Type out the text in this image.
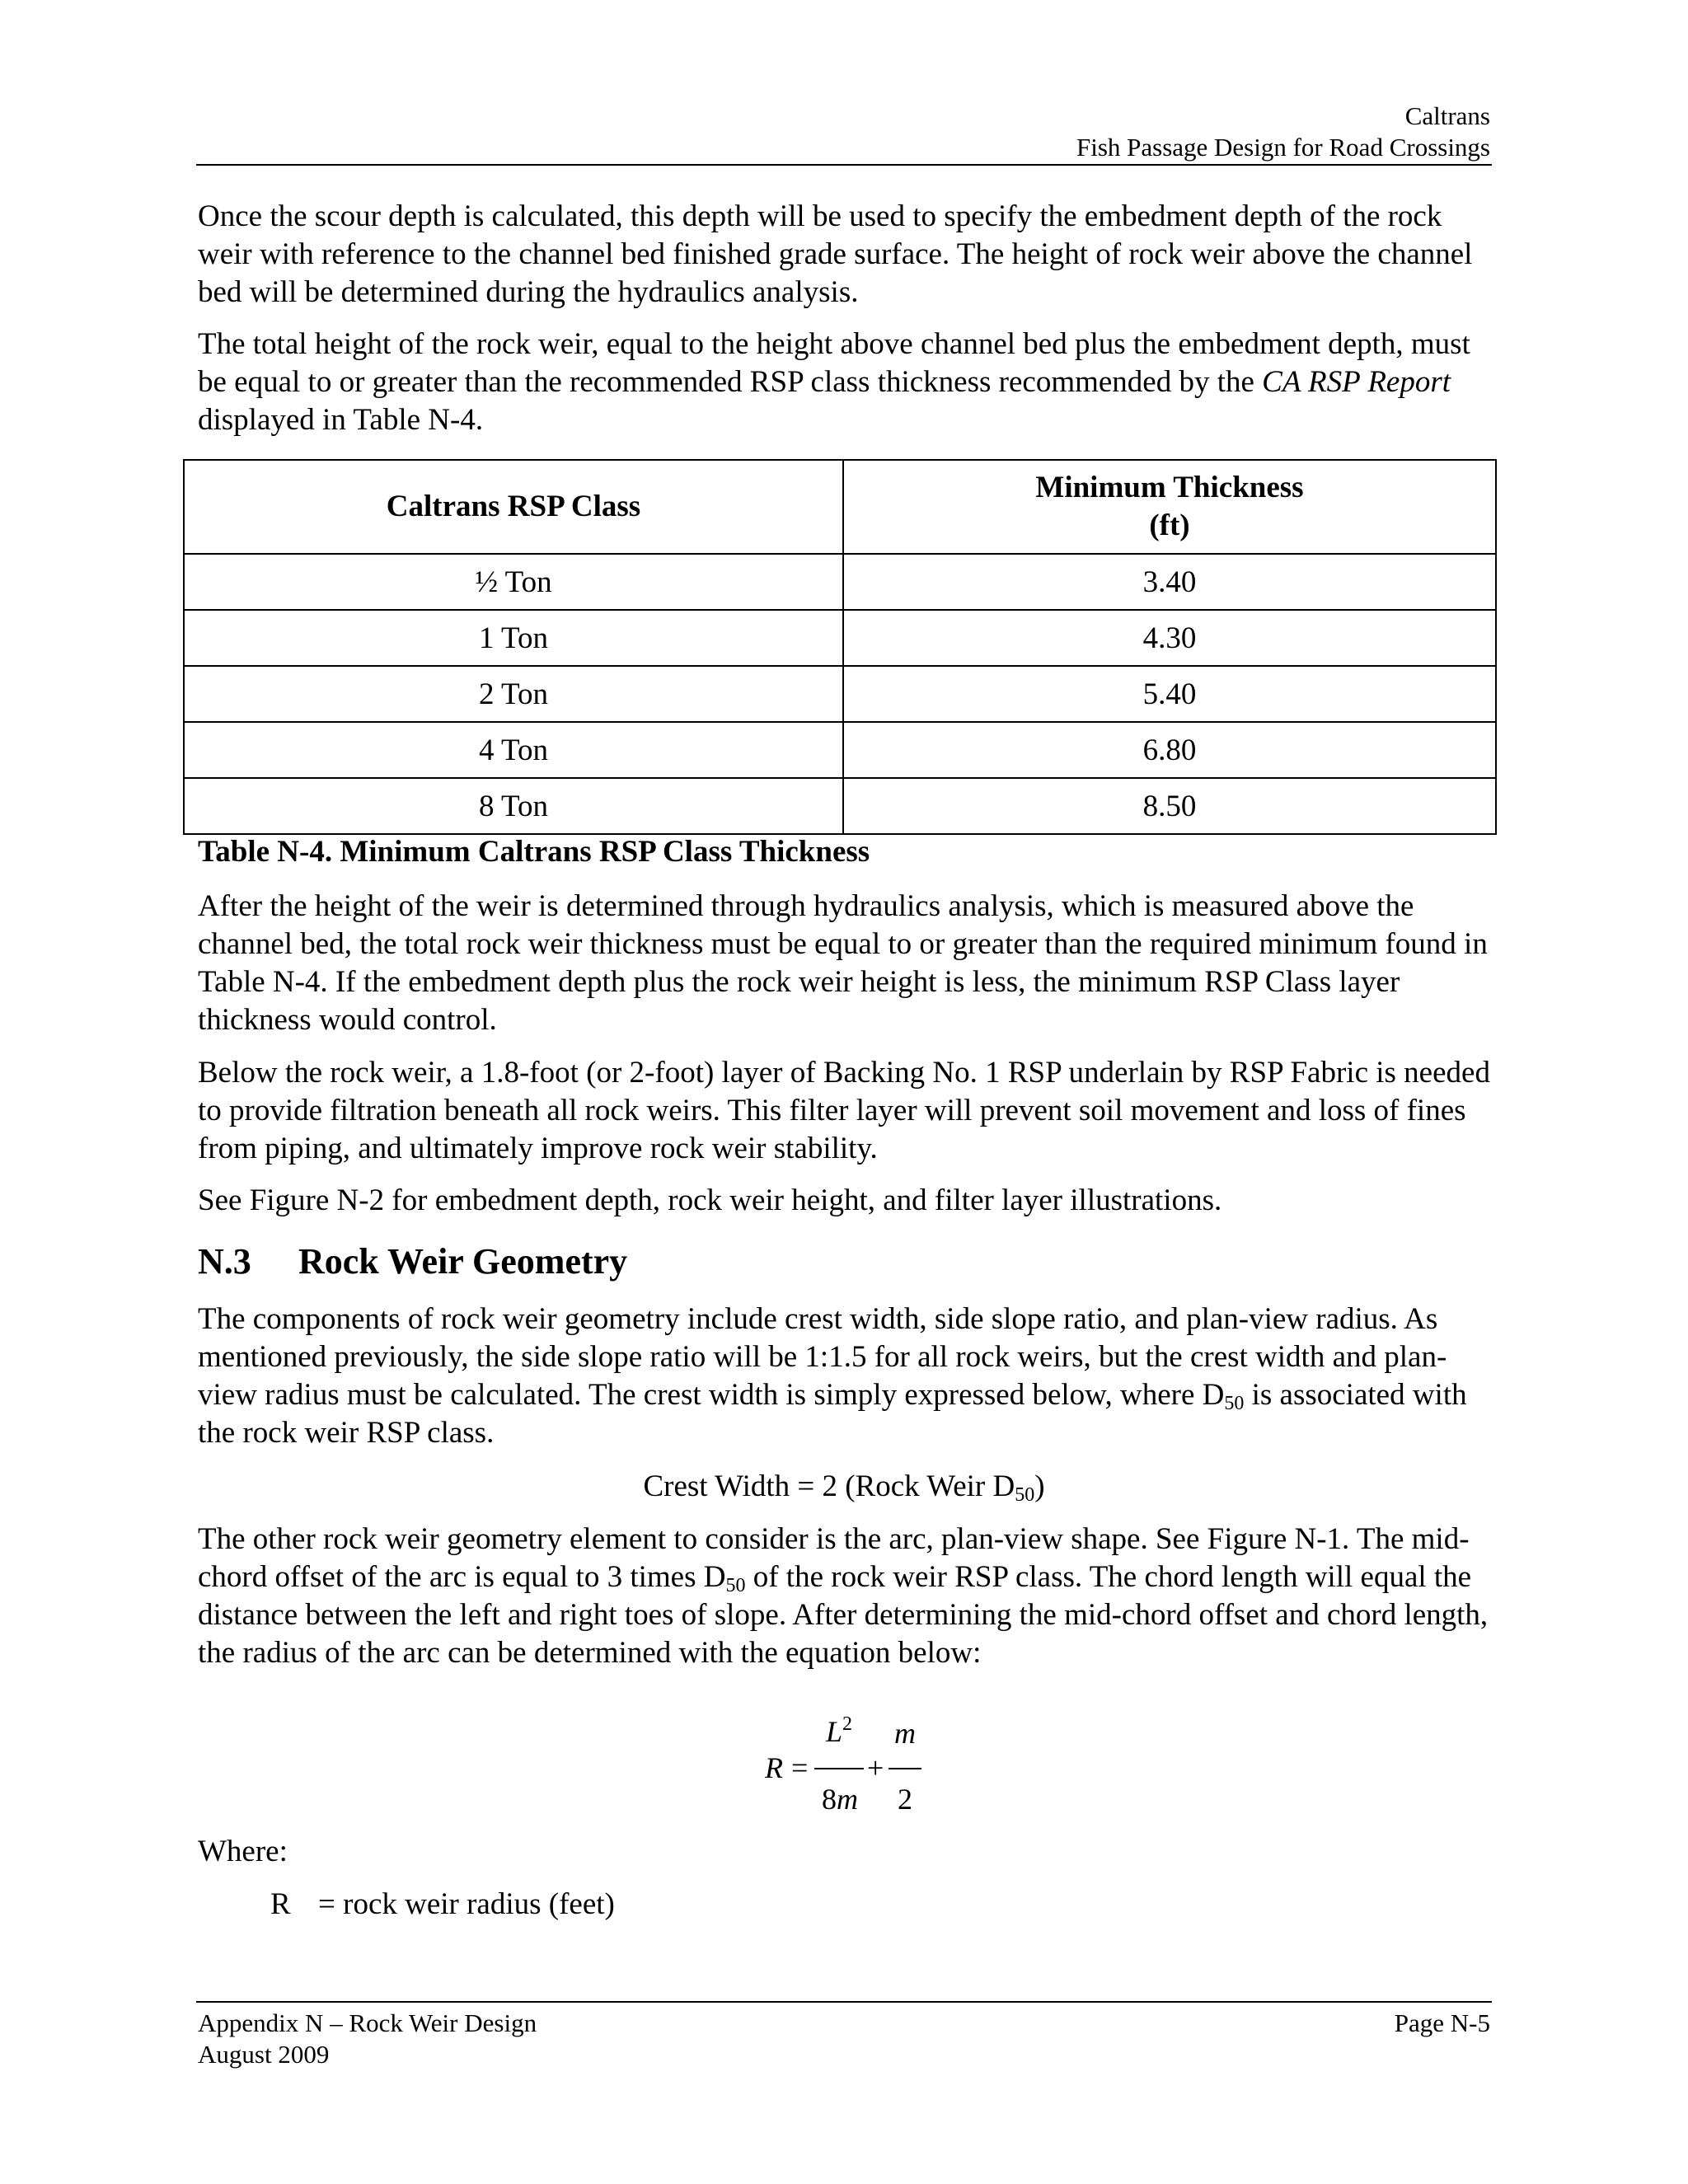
Caltrans
Fish Passage Design for Road Crossings

Once the scour depth is calculated, this depth will be used to specify the embedment depth of the rock weir with reference to the channel bed finished grade surface. The height of rock weir above the channel bed will be determined during the hydraulics analysis.

The total height of the rock weir, equal to the height above channel bed plus the embedment depth, must be equal to or greater than the recommended RSP class thickness recommended by the CA RSP Report displayed in Table N-4.

Caltrans RSP Class	Minimum Thickness
(ft)

½ Ton	3.40
1 Ton	4.30
2 Ton	5.40
4 Ton	6.80
8 Ton	8.50
Table N-4. Minimum Caltrans RSP Class Thickness

After the height of the weir is determined through hydraulics analysis, which is measured above the channel bed, the total rock weir thickness must be equal to or greater than the required minimum found in Table N-4. If the embedment depth plus the rock weir height is less, the minimum RSP Class layer thickness would control.

Below the rock weir, a 1.8-foot (or 2-foot) layer of Backing No. 1 RSP underlain by RSP Fabric is needed to provide filtration beneath all rock weirs. This filter layer will prevent soil movement and loss of fines from piping, and ultimately improve rock weir stability.

See Figure N-2 for embedment depth, rock weir height, and filter layer illustrations.

N.3 Rock Weir Geometry

The components of rock weir geometry include crest width, side slope ratio, and plan-view radius. As mentioned previously, the side slope ratio will be 1:1.5 for all rock weirs, but the crest width and plan-view radius must be calculated. The crest width is simply expressed below, where $D_{50}$ is associated with the rock weir RSP class.

Crest Width = 2 (Rock Weir $D_{50}$)

The other rock weir geometry element to consider is the arc, plan-view shape. See Figure N-1. The mid-chord offset of the arc is equal to 3 times $D_{50}$ of the rock weir RSP class. The chord length will equal the distance between the left and right toes of slope. After determining the mid-chord offset and chord length, the radius of the arc can be determined with the equation below:

R =
$L^2$
8m
+
m
2
Where:
R = rock weir radius (feet)
Appendix N – Rock Weir Design
August 2009
Page N-5
